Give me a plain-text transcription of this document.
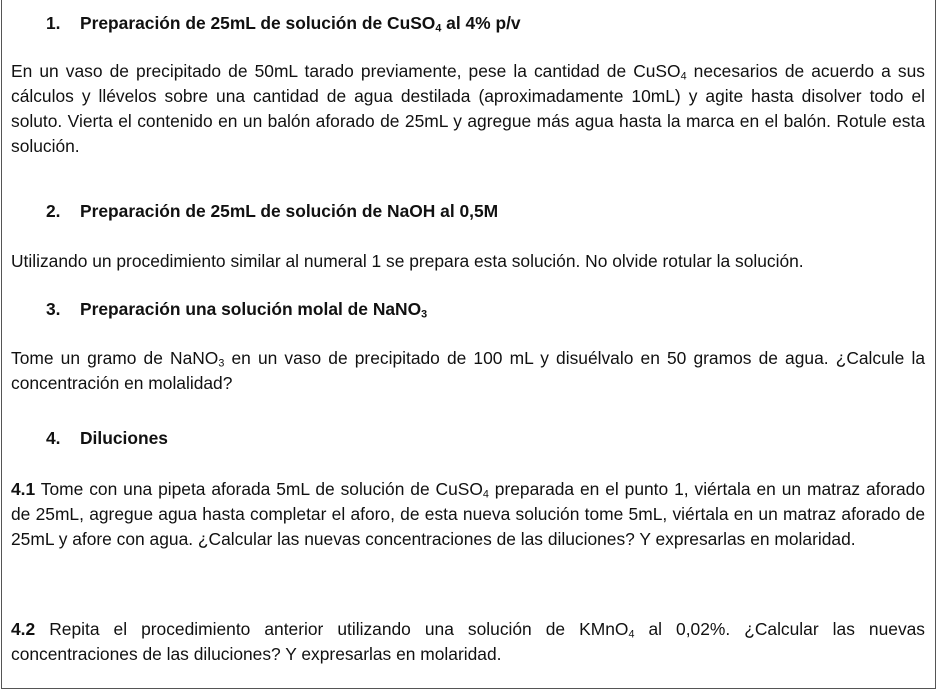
1. Preparación de 25mL de solución de CuSO$_4$ al 4% p/v
En un vaso de precipitado de 50mL tarado previamente, pese la cantidad de CuSO$_4$ necesarios de acuerdo a sus cálculos y llévelos sobre una cantidad de agua destilada (aproximadamente 10mL) y agite hasta disolver todo el soluto. Vierta el contenido en un balón aforado de 25mL y agregue más agua hasta la marca en el balón. Rotule esta solución.
2. Preparación de 25mL de solución de NaOH al 0,5M
Utilizando un procedimiento similar al numeral 1 se prepara esta solución. No olvide rotular la solución.
3. Preparación una solución molal de NaNO$_3$
Tome un gramo de NaNO$_3$ en un vaso de precipitado de 100 mL y disuélvalo en 50 gramos de agua. ¿Calcule la concentración en molalidad?
4. Diluciones
4.1 Tome con una pipeta aforada 5mL de solución de CuSO$_4$ preparada en el punto 1, viértala en un matraz aforado de 25mL, agregue agua hasta completar el aforo, de esta nueva solución tome 5mL, viértala en un matraz aforado de 25mL y afore con agua. ¿Calcular las nuevas concentraciones de las diluciones? Y expresarlas en molaridad.
4.2 Repita el procedimiento anterior utilizando una solución de KMnO$_4$ al 0,02%. ¿Calcular las nuevas concentraciones de las diluciones? Y expresarlas en molaridad.
